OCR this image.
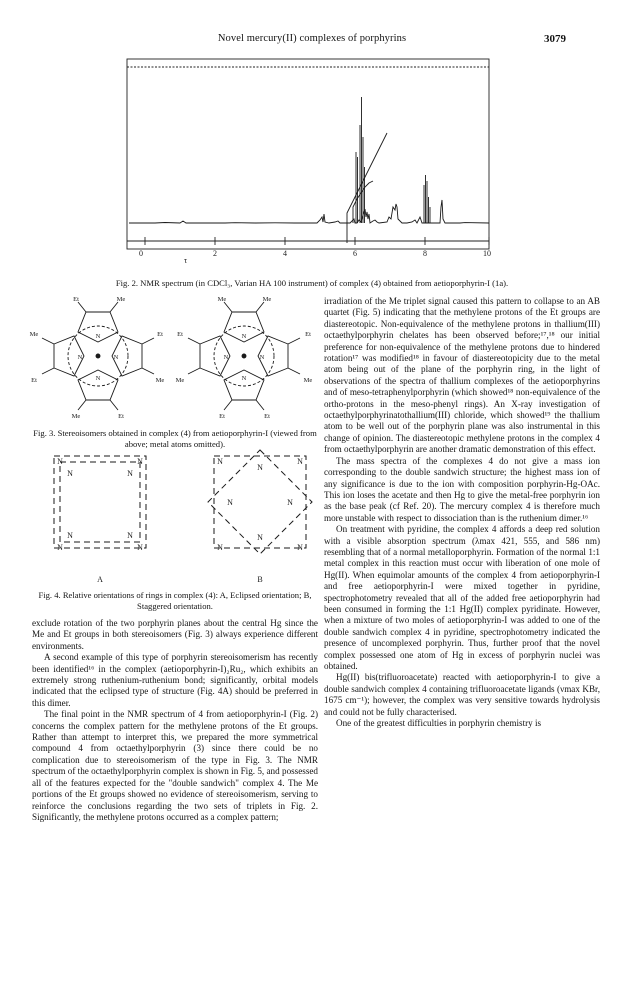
Novel mercury(II) complexes of porphyrins	3079
0	2	4	6	8	10
τ
Fig. 2. NMR spectrum (in CDCl₃, Varian HA 100 instrument) of complex (4) obtained from aetioporphyrin-I (1a).
Et	Me
Me	Et
Et	Me
Me	Et
N
N
N	N
Me	Me
Et	Et
Me	Me
Et	Et
N
N
N	N
Fig. 3. Stereoisomers obtained in complex (4) from aetioporphyrin-I (viewed from above; metal atoms omitted).
N	N
N	N
N	N
N	N
N	N
N
N	N
N
N	N
A	B
Fig. 4. Relative orientations of rings in complex (4): A, Eclipsed orientation; B, Staggered orientation.

exclude rotation of the two porphyrin planes about the central Hg since the Me and Et groups in both stereoisomers (Fig. 3) always experience different environments.

A second example of this type of porphyrin stereoisomerism has recently been identified¹⁶ in the complex (aetioporphyrin-I)₂Ru₂, which exhibits an extremely strong ruthenium-ruthenium bond; significantly, orbital models indicated that the eclipsed type of structure (Fig. 4A) should be preferred in this dimer.

The final point in the NMR spectrum of 4 from aetioporphyrin-I (Fig. 2) concerns the complex pattern for the methylene protons of the Et groups. Rather than attempt to interpret this, we prepared the more symmetrical compound 4 from octaethylporphyrin (3) since there could be no complication due to stereoisomerism of the type in Fig. 3. The NMR spectrum of the octaethylporphyrin complex is shown in Fig. 5, and possessed all of the features expected for the "double sandwich" complex 4. The Me portions of the Et groups showed no evidence of stereoisomerism, serving to reinforce the conclusions regarding the two sets of triplets in Fig. 2. Significantly, the methylene protons occurred as a complex pattern;

irradiation of the Me triplet signal caused this pattern to collapse to an AB quartet (Fig. 5) indicating that the methylene protons of the Et groups are diastereotopic. Non-equivalence of the methylene protons in thallium(III) octaethylporphyrin chelates has been observed before;¹⁷,¹⁸ our initial preference for non-equivalence of the methylene protons due to hindered rotation¹⁷ was modified¹⁸ in favour of diastereotopicity due to the metal atom being out of the plane of the porphyrin ring, in the light of observations of the spectra of thallium complexes of the aetioporphyrins and of meso-tetraphenylporphyrin (which showed¹⁸ non-equivalence of the ortho-protons in the meso-phenyl rings). An X-ray investigation of octaethylporphyrinatothallium(III) chloride, which showed¹⁹ the thallium atom to be well out of the porphyrin plane was also instrumental in this change of opinion. The diastereotopic methylene protons in the complex 4 from octaethylporphyrin are another dramatic demonstration of this effect.

The mass spectra of the complexes 4 do not give a mass ion corresponding to the double sandwich structure; the highest mass ion of any significance is due to the ion with composition porphyrin-Hg-OAc. This ion loses the acetate and then Hg to give the metal-free porphyrin ion as the base peak (cf Ref. 20). The mercury complex 4 is therefore much more unstable with respect to dissociation than is the ruthenium dimer.¹⁶

On treatment with pyridine, the complex 4 affords a deep red solution with a visible absorption spectrum (λmax 421, 555, and 586 nm) resembling that of a normal metalloporphyrin. Formation of the normal 1:1 metal complex in this reaction must occur with liberation of one mole of Hg(II). When equimolar amounts of the complex 4 from aetioporphyrin-I and free aetioporphyrin-I were mixed together in pyridine, spectrophotometry revealed that all of the added free aetioporphyrin had been consumed in forming the 1:1 Hg(II) complex pyridinate. However, when a mixture of two moles of aetioporphyrin-I was added to one of the double sandwich complex 4 in pyridine, spectrophotometry indicated the presence of uncomplexed porphyrin. Thus, further proof that the novel complex possessed one atom of Hg in excess of porphyrin nuclei was obtained.

Hg(II) bis(trifluoroacetate) reacted with aetioporphyrin-I to give a double sandwich complex 4 containing trifluoroacetate ligands (νmax KBr, 1675 cm⁻¹); however, the complex was very sensitive towards hydrolysis and could not be fully characterised.

One of the greatest difficulties in porphyrin chemistry is
